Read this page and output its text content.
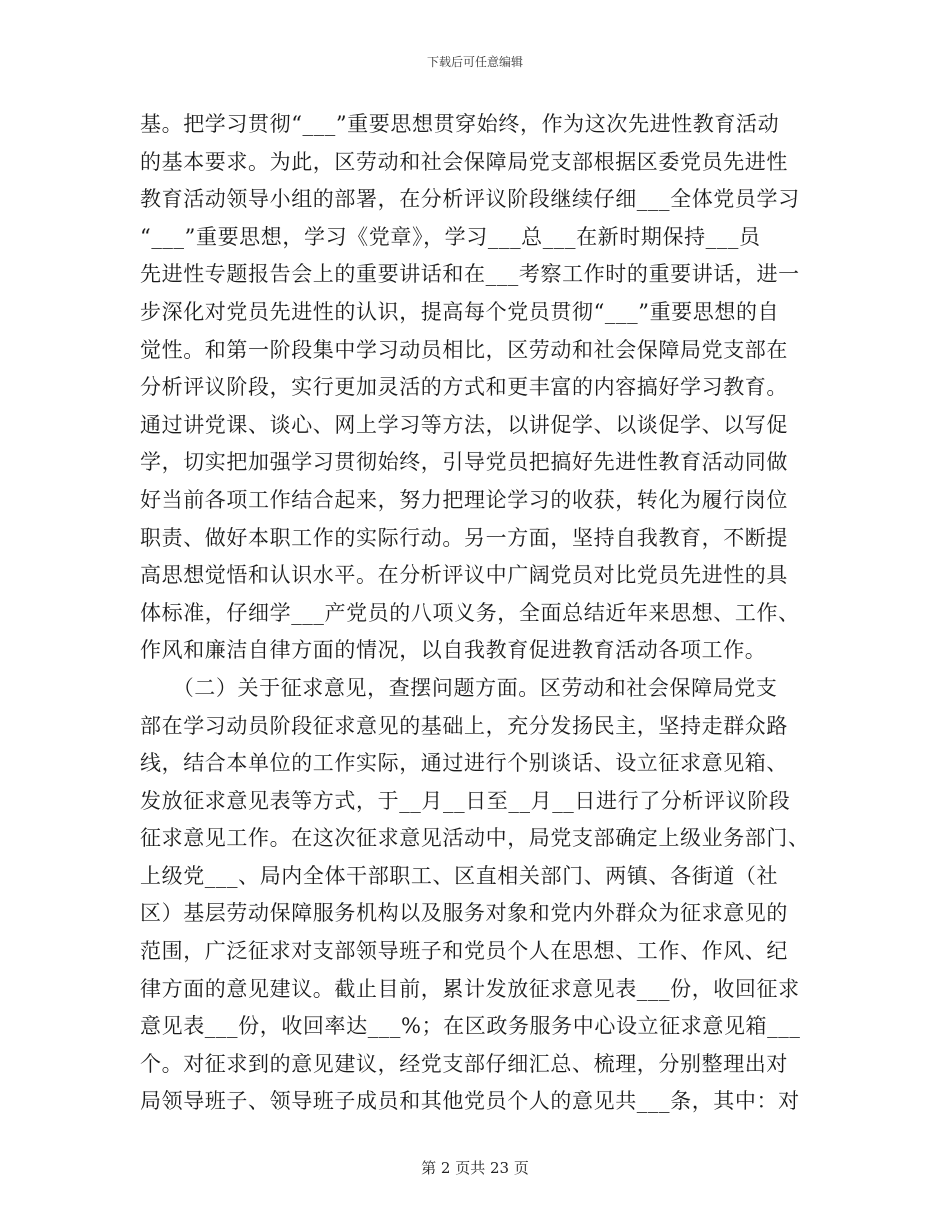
下载后可任意编辑
基。把学习贯彻“___”重要思想贯穿始终，作为这次先进性教育活动
的基本要求。为此，区劳动和社会保障局党支部根据区委党员先进性
教育活动领导小组的部署，在分析评议阶段继续仔细___全体党员学习
“___”重要思想，学习《党章》，学习___总___在新时期保持___员
先进性专题报告会上的重要讲话和在___考察工作时的重要讲话，进一
步深化对党员先进性的认识，提高每个党员贯彻“___”重要思想的自
觉性。和第一阶段集中学习动员相比，区劳动和社会保障局党支部在
分析评议阶段，实行更加灵活的方式和更丰富的内容搞好学习教育。
通过讲党课、谈心、网上学习等方法，以讲促学、以谈促学、以写促
学，切实把加强学习贯彻始终，引导党员把搞好先进性教育活动同做
好当前各项工作结合起来，努力把理论学习的收获，转化为履行岗位
职责、做好本职工作的实际行动。另一方面，坚持自我教育，不断提
高思想觉悟和认识水平。在分析评议中广阔党员对比党员先进性的具
体标准，仔细学___产党员的八项义务，全面总结近年来思想、工作、
作风和廉洁自律方面的情况，以自我教育促进教育活动各项工作。
　　（二）关于征求意见，查摆问题方面。区劳动和社会保障局党支
部在学习动员阶段征求意见的基础上，充分发扬民主，坚持走群众路
线，结合本单位的工作实际，通过进行个别谈话、设立征求意见箱、
发放征求意见表等方式，于__月__日至__月__日进行了分析评议阶段
征求意见工作。在这次征求意见活动中，局党支部确定上级业务部门、
上级党___、局内全体干部职工、区直相关部门、两镇、各街道（社
区）基层劳动保障服务机构以及服务对象和党内外群众为征求意见的
范围，广泛征求对支部领导班子和党员个人在思想、工作、作风、纪
律方面的意见建议。截止目前，累计发放征求意见表___份，收回征求
意见表___份，收回率达___%；在区政务服务中心设立征求意见箱___
个。对征求到的意见建议，经党支部仔细汇总、梳理，分别整理出对
局领导班子、领导班子成员和其他党员个人的意见共___条，其中：对
第 2 页共 23 页
